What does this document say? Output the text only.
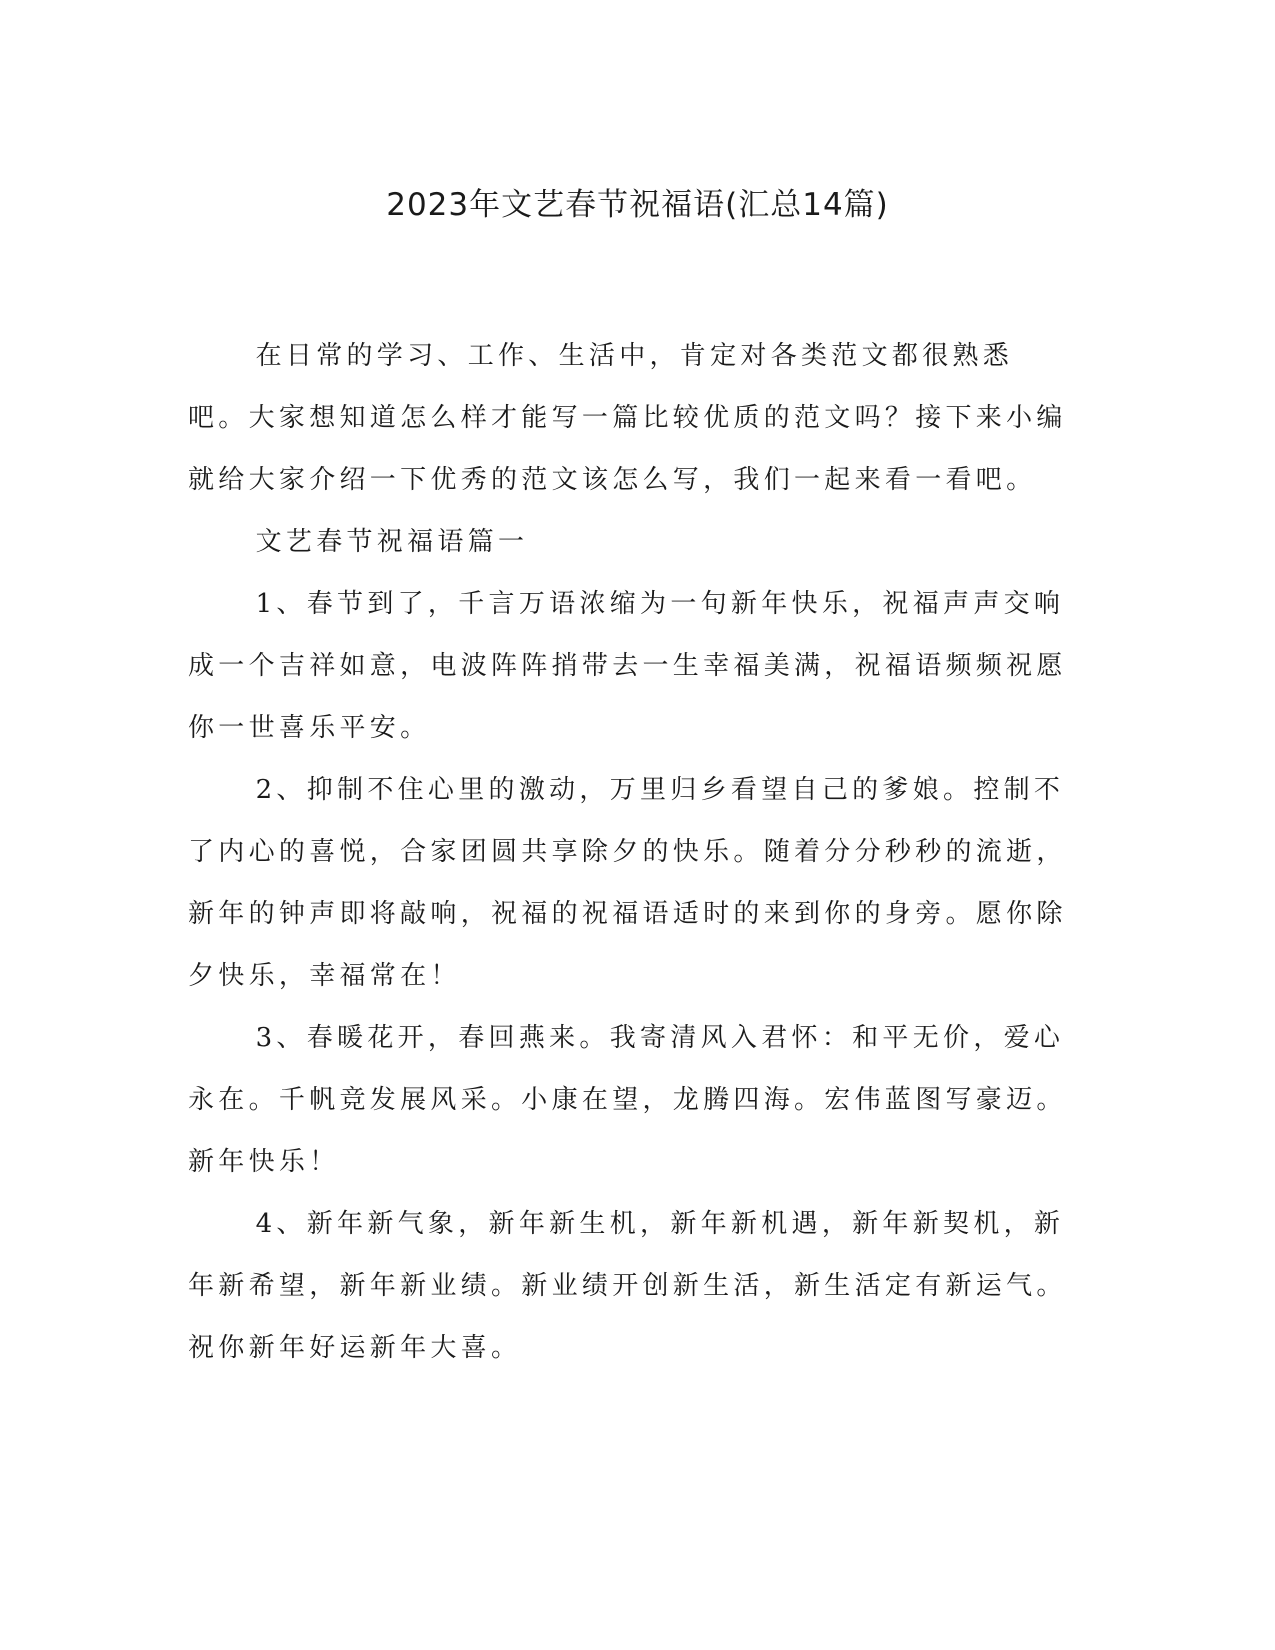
2023年文艺春节祝福语(汇总14篇)

在日常的学习、工作、生活中，肯定对各类范文都很熟悉吧。大家想知道怎么样才能写一篇比较优质的范文吗？接下来小编就给大家介绍一下优秀的范文该怎么写，我们一起来看一看吧。

文艺春节祝福语篇一

1、春节到了，千言万语浓缩为一句新年快乐，祝福声声交响成一个吉祥如意，电波阵阵捎带去一生幸福美满，祝福语频频祝愿你一世喜乐平安。

2、抑制不住心里的激动，万里归乡看望自己的爹娘。控制不了内心的喜悦，合家团圆共享除夕的快乐。随着分分秒秒的流逝，新年的钟声即将敲响，祝福的祝福语适时的来到你的身旁。愿你除夕快乐，幸福常在！

3、春暖花开，春回燕来。我寄清风入君怀：和平无价，爱心永在。千帆竞发展风采。小康在望，龙腾四海。宏伟蓝图写豪迈。新年快乐！

4、新年新气象，新年新生机，新年新机遇，新年新契机，新年新希望，新年新业绩。新业绩开创新生活，新生活定有新运气。祝你新年好运新年大喜。
